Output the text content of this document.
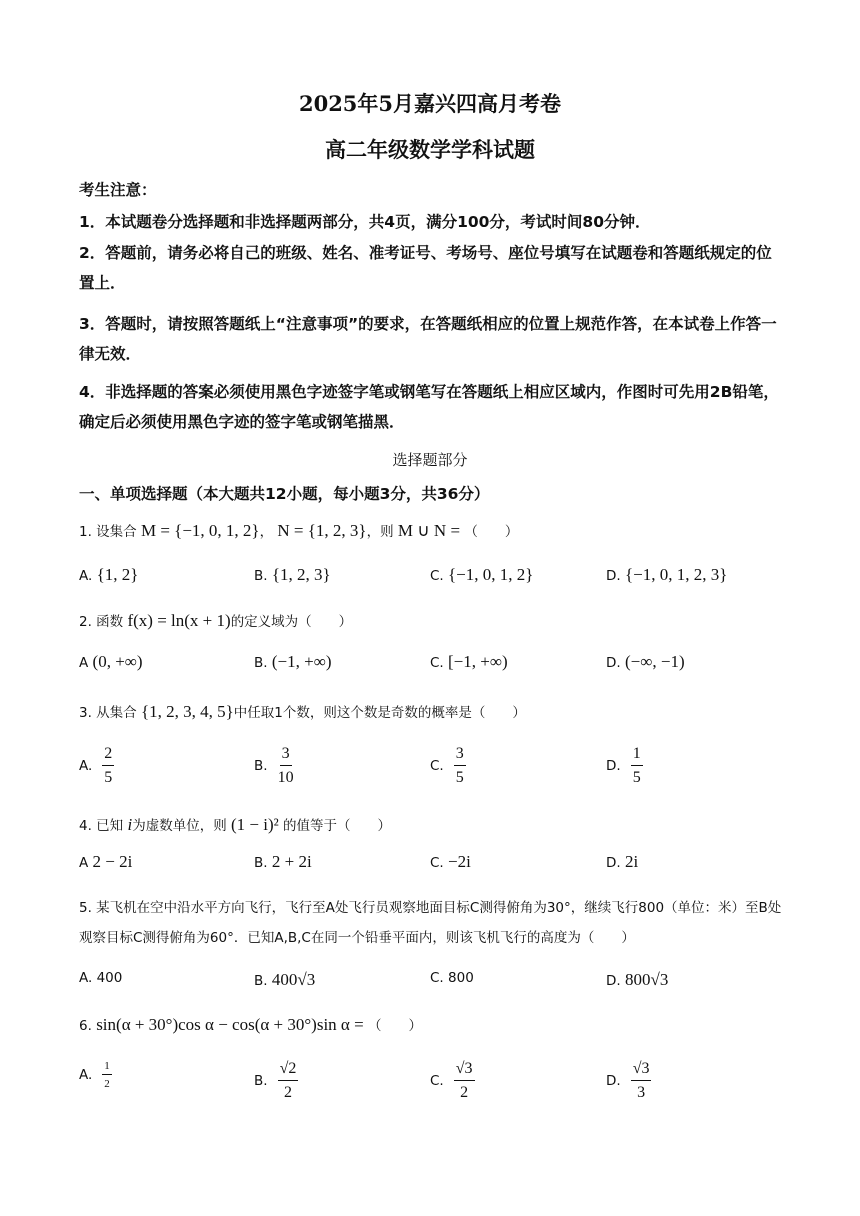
2025年5月嘉兴四高月考卷
高二年级数学学科试题
考生注意：
1．本试题卷分选择题和非选择题两部分，共4页，满分100分，考试时间80分钟．
2．答题前，请务必将自己的班级、姓名、准考证号、考场号、座位号填写在试题卷和答题纸规定的位置上．
3．答题时，请按照答题纸上“注意事项”的要求，在答题纸相应的位置上规范作答，在本试卷上作答一律无效．
4．非选择题的答案必须使用黑色字迹签字笔或钢笔写在答题纸上相应区域内，作图时可先用2B铅笔，确定后必须使用黑色字迹的签字笔或钢笔描黑．
选择题部分
一、单项选择题（本大题共12小题，每小题3分，共36分）
1. 设集合 M = {−1, 0, 1, 2}， N = {1, 2, 3}，则 M ∪ N = （　　）
A. {1, 2}	B. {1, 2, 3}	C. {−1, 0, 1, 2}	D. {−1, 0, 1, 2, 3}
2. 函数 f(x) = ln(x + 1)的定义域为（　　）
A (0, +∞)	B. (−1, +∞)	C. [−1, +∞)	D. (−∞, −1)
3. 从集合 {1, 2, 3, 4, 5}中任取1个数，则这个数是奇数的概率是（　　）
A. $\frac{2}{5}$	B. $\frac{3}{10}$	C. $\frac{3}{5}$	D. $\frac{1}{5}$
4. 已知 i为虚数单位，则 (1 − i)² 的值等于（　　）
A 2 − 2i	B. 2 + 2i	C. −2i	D. 2i
5. 某飞机在空中沿水平方向飞行，飞行至A处飞行员观察地面目标C测得俯角为30°，继续飞行800（单位：米）至B处观察目标C测得俯角为60°．已知A,B,C在同一个铅垂平面内，则该飞机飞行的高度为（　　）
A. 400	B. 400√3	C. 800	D. 800√3
6. sin(α + 30°)cos α − cos(α + 30°)sin α = （　　）
A. $\frac{1}{2}$	B. $\frac{√2}{2}$	C. $\frac{√3}{2}$	D. $\frac{√3}{3}$
